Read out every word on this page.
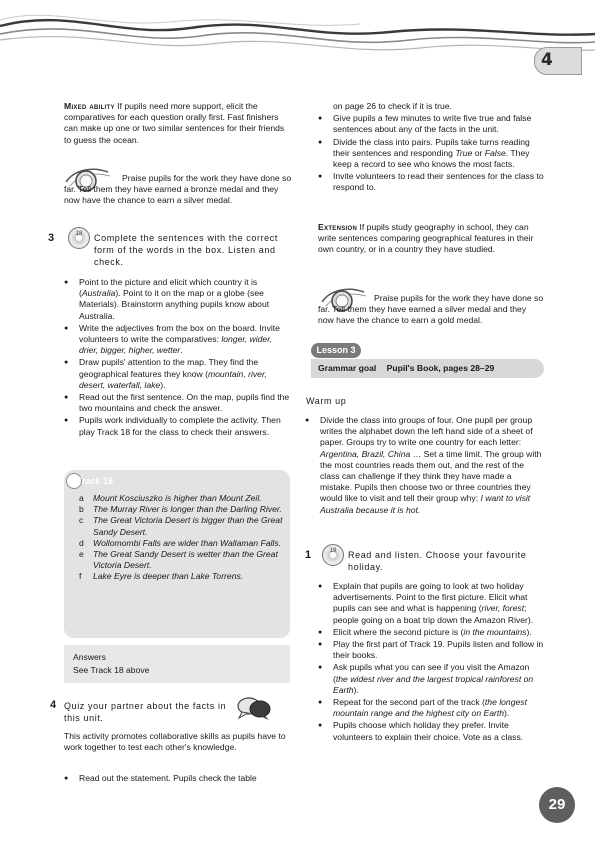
4

Mixed ability If pupils need more support, elicit the comparatives for each question orally first. Fast finishers can make up one or two similar sentences for their friends to guess the ocean.

Praise pupils for the work they have done so far. Tell them they have earned a bronze medal and they now have the chance to earn a silver medal.
3	18	Complete the sentences with the correct form of the words in the box. Listen and check.
● Point to the picture and elicit which country it is (Australia). Point to it on the map or a globe (see Materials). Brainstorm anything pupils know about Australia.
● Write the adjectives from the box on the board. Invite volunteers to write the comparatives: longer, wider, drier, bigger, higher, wetter.
● Draw pupils' attention to the map. They find the geographical features they know (mountain, river, desert, waterfall, lake).
● Read out the first sentence. On the map, pupils find the two mountains and check the answer.
● Pupils work individually to complete the activity. Then play Track 18 for the class to check their answers.
Track 18
a Mount Kosciuszko is higher than Mount Zeil.
b The Murray River is longer than the Darling River.
c The Great Victoria Desert is bigger than the Great Sandy Desert.
d Wollomombi Falls are wider than Wallaman Falls.
e The Great Sandy Desert is wetter than the Great Victoria Desert.
f Lake Eyre is deeper than Lake Torrens.

Answers

See Track 18 above

4 Quiz your partner about the facts in this unit.
This activity promotes collaborative skills as pupils have to work together to test each other's knowledge.
● Read out the statement. Pupils check the table

on page 26 to check if it is true.

● Give pupils a few minutes to write five true and false sentences about any of the facts in the unit.
● Divide the class into pairs. Pupils take turns reading their sentences and responding True or False. They keep a record to see who knows the most facts.
● Invite volunteers to read their sentences for the class to respond to.

Extension If pupils study geography in school, they can write sentences comparing geographical features in their own country, or in a country they have studied.

Praise pupils for the work they have done so far. Tell them they have earned a silver medal and they now have the chance to earn a gold medal.
Lesson 3
Grammar goal Pupil's Book, pages 28–29
Warm up
● Divide the class into groups of four. One pupil per group writes the alphabet down the left hand side of a sheet of paper. Groups try to write one country for each letter: Argentina, Brazil, China … Set a time limit. The group with the most countries reads them out, and the rest of the class can challenge if they think they have made a mistake. Pupils then choose two or three countries they would like to visit and tell their group why: I want to visit Australia because it is hot.
1	19	Read and listen. Choose your favourite holiday.
● Explain that pupils are going to look at two holiday advertisements. Point to the first picture. Elicit what pupils can see and what is happening (river, forest; people going on a boat trip down the Amazon River).
● Elicit where the second picture is (in the mountains).
● Play the first part of Track 19. Pupils listen and follow in their books.
● Ask pupils what you can see if you visit the Amazon (the widest river and the largest tropical rainforest on Earth).
● Repeat for the second part of the track (the longest mountain range and the highest city on Earth).
● Pupils choose which holiday they prefer. Invite volunteers to explain their choice. Vote as a class.
29
